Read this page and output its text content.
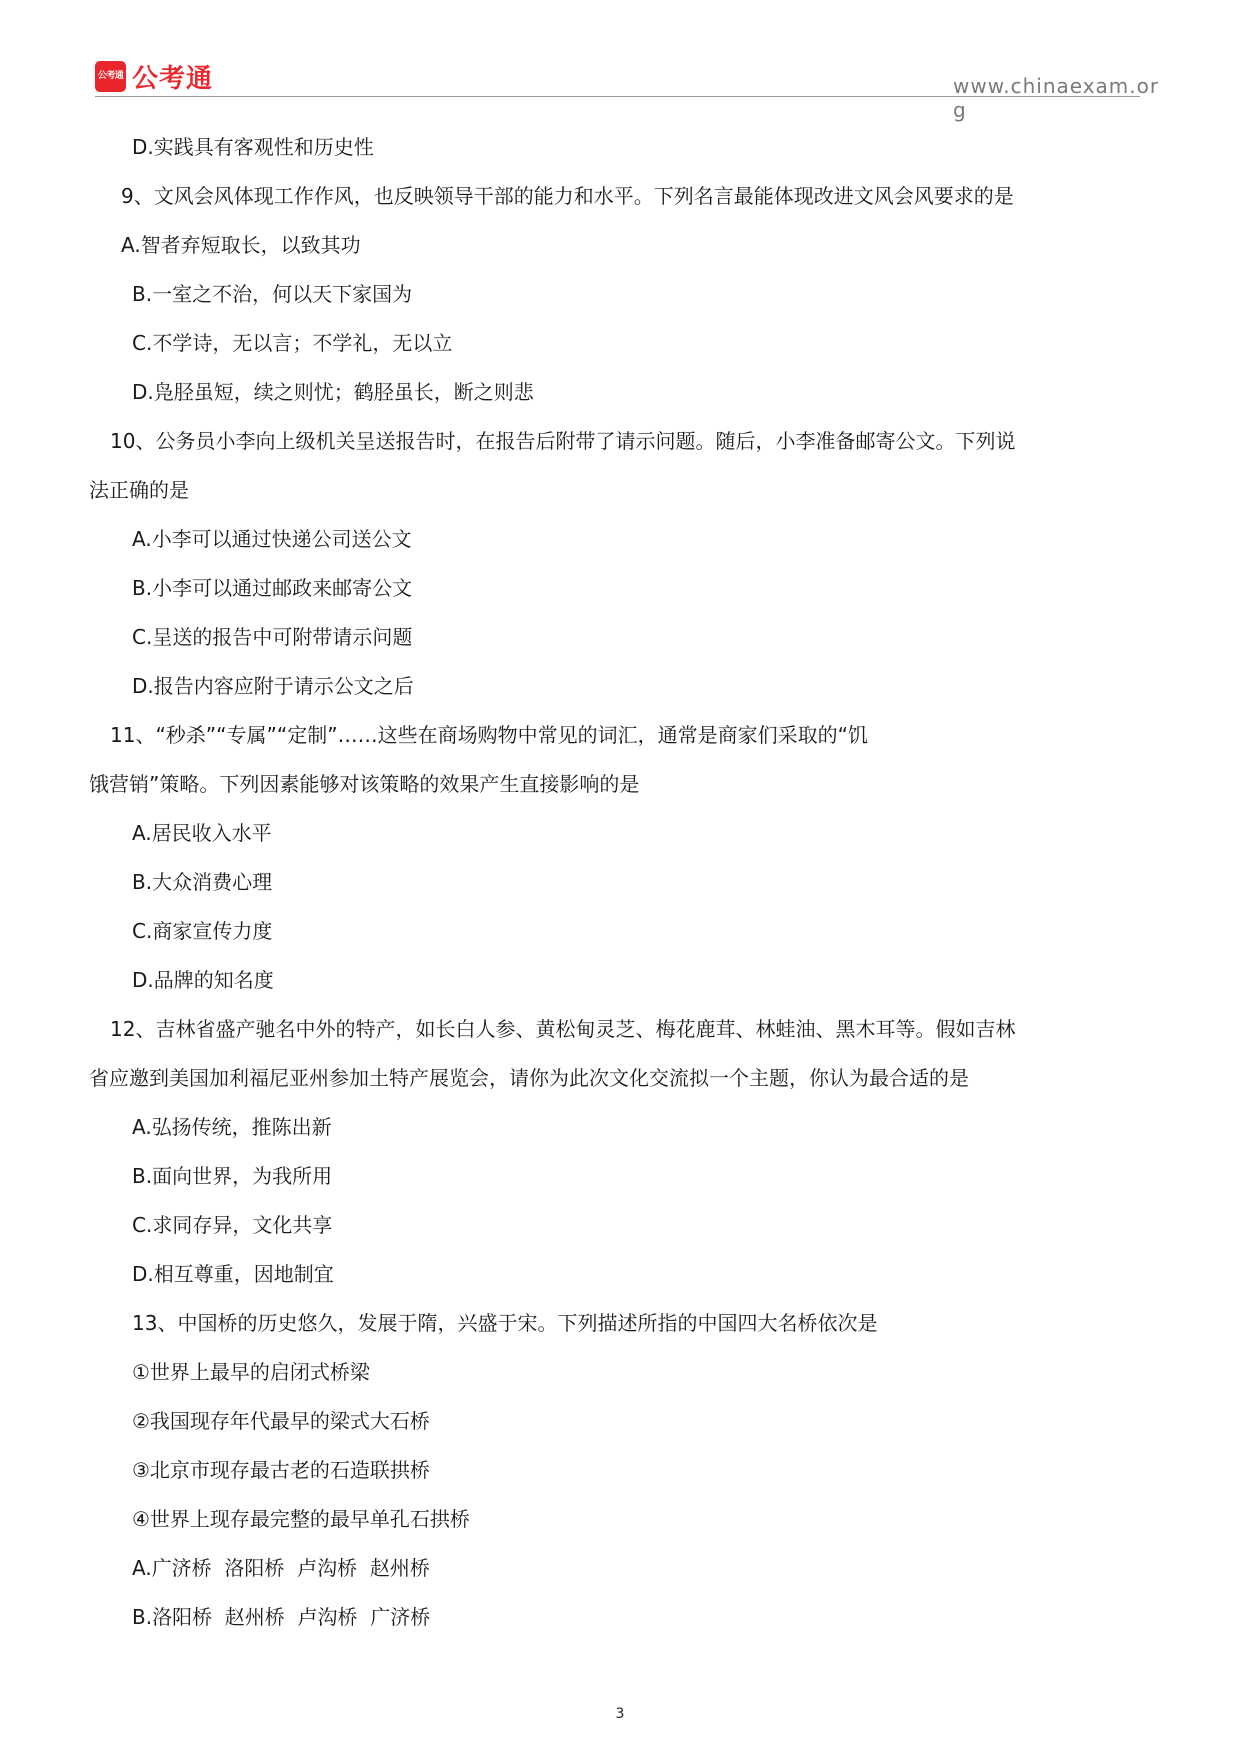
公考通 公考通	www.chinaexam.org
D.实践具有客观性和历史性
9、文风会风体现工作作风，也反映领导干部的能力和水平。下列名言最能体现改进文风会风要求的是
A.智者弃短取长，以致其功
B.一室之不治，何以天下家国为
C.不学诗，无以言；不学礼，无以立
D.凫胫虽短，续之则忧；鹤胫虽长，断之则悲
10、公务员小李向上级机关呈送报告时，在报告后附带了请示问题。随后，小李准备邮寄公文。下列说
法正确的是
A.小李可以通过快递公司送公文
B.小李可以通过邮政来邮寄公文
C.呈送的报告中可附带请示问题
D.报告内容应附于请示公文之后
11、“秒杀”“专属”“定制”……这些在商场购物中常见的词汇，通常是商家们采取的“饥
饿营销”策略。下列因素能够对该策略的效果产生直接影响的是
A.居民收入水平
B.大众消费心理
C.商家宣传力度
D.品牌的知名度
12、吉林省盛产驰名中外的特产，如长白人参、黄松甸灵芝、梅花鹿茸、林蛙油、黑木耳等。假如吉林
省应邀到美国加利福尼亚州参加土特产展览会，请你为此次文化交流拟一个主题，你认为最合适的是
A.弘扬传统，推陈出新
B.面向世界，为我所用
C.求同存异，文化共享
D.相互尊重，因地制宜
13、中国桥的历史悠久，发展于隋，兴盛于宋。下列描述所指的中国四大名桥依次是
①世界上最早的启闭式桥梁
②我国现存年代最早的梁式大石桥
③北京市现存最古老的石造联拱桥
④世界上现存最完整的最早单孔石拱桥
A.广济桥  洛阳桥  卢沟桥  赵州桥
B.洛阳桥  赵州桥  卢沟桥  广济桥
3
